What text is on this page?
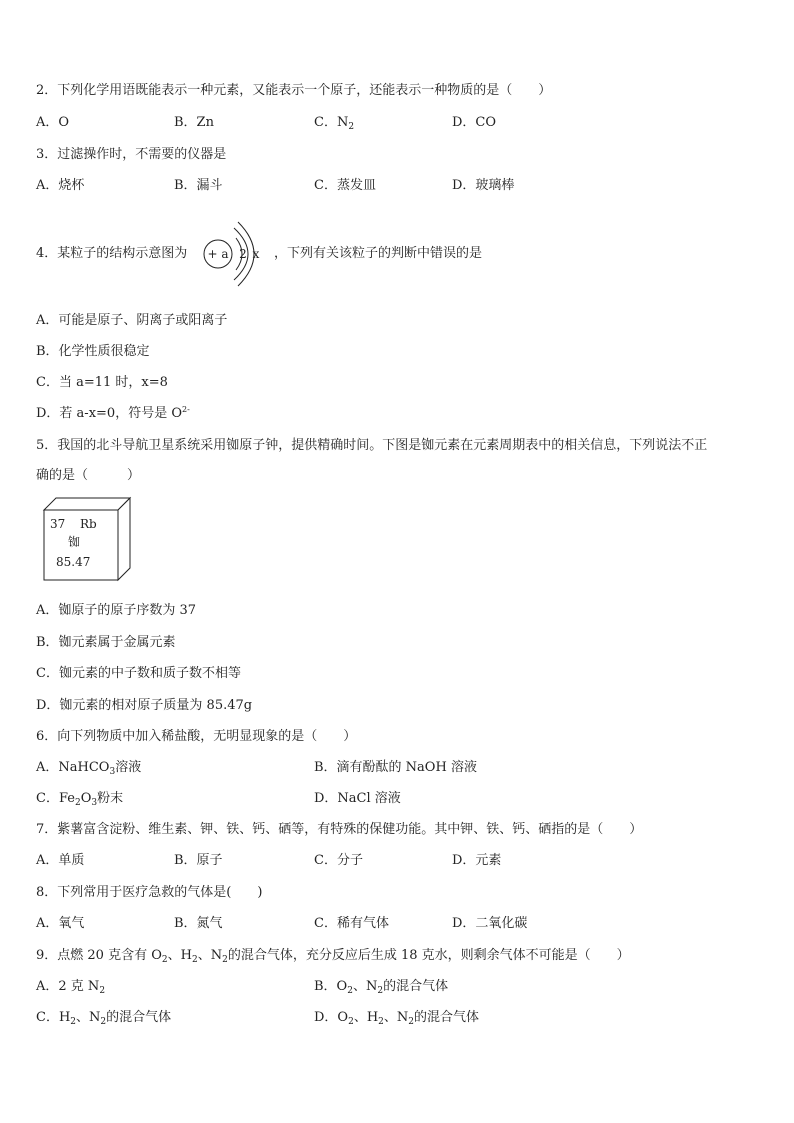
2．下列化学用语既能表示一种元素，又能表示一个原子，还能表示一种物质的是（　　）
A．O	B．Zn	C．$N_2$	D．CO
3．过滤操作时，不需要的仪器是
A．烧杯	B．漏斗	C．蒸发皿	D．玻璃棒
4．某粒子的结构示意图为 + a 2 x ，下列有关该粒子的判断中错误的是
A．可能是原子、阴离子或阳离子
B．化学性质很稳定
C．当 a=11 时，x=8
D．若 a-x=0，符号是 $O^{2-}$
5．我国的北斗导航卫星系统采用铷原子钟，提供精确时间。下图是铷元素在元素周期表中的相关信息，下列说法不正
确的是（　　　）
37 Rb
铷
85.47
A．铷原子的原子序数为 37
B．铷元素属于金属元素
C．铷元素的中子数和质子数不相等
D．铷元素的相对原子质量为 85.47g
6．向下列物质中加入稀盐酸，无明显现象的是（　　）
A．NaHCO$_3$溶液	B．滴有酚酞的 NaOH 溶液
C．$Fe_2O_3$粉末	D．NaCl 溶液
7．紫薯富含淀粉、维生素、钾、铁、钙、硒等，有特殊的保健功能。其中钾、铁、钙、硒指的是（　　）
A．单质	B．原子	C．分子	D．元素
8．下列常用于医疗急救的气体是(　　)
A．氧气	B．氮气	C．稀有气体	D．二氧化碳
9．点燃 20 克含有 $O_2$、$H_2$、$N_2$的混合气体，充分反应后生成 18 克水，则剩余气体不可能是（　　）
A．2 克 $N_2$	B．$O_2$、$N_2$的混合气体
C．$H_2$、$N_2$的混合气体	D．$O_2$、$H_2$、$N_2$的混合气体
